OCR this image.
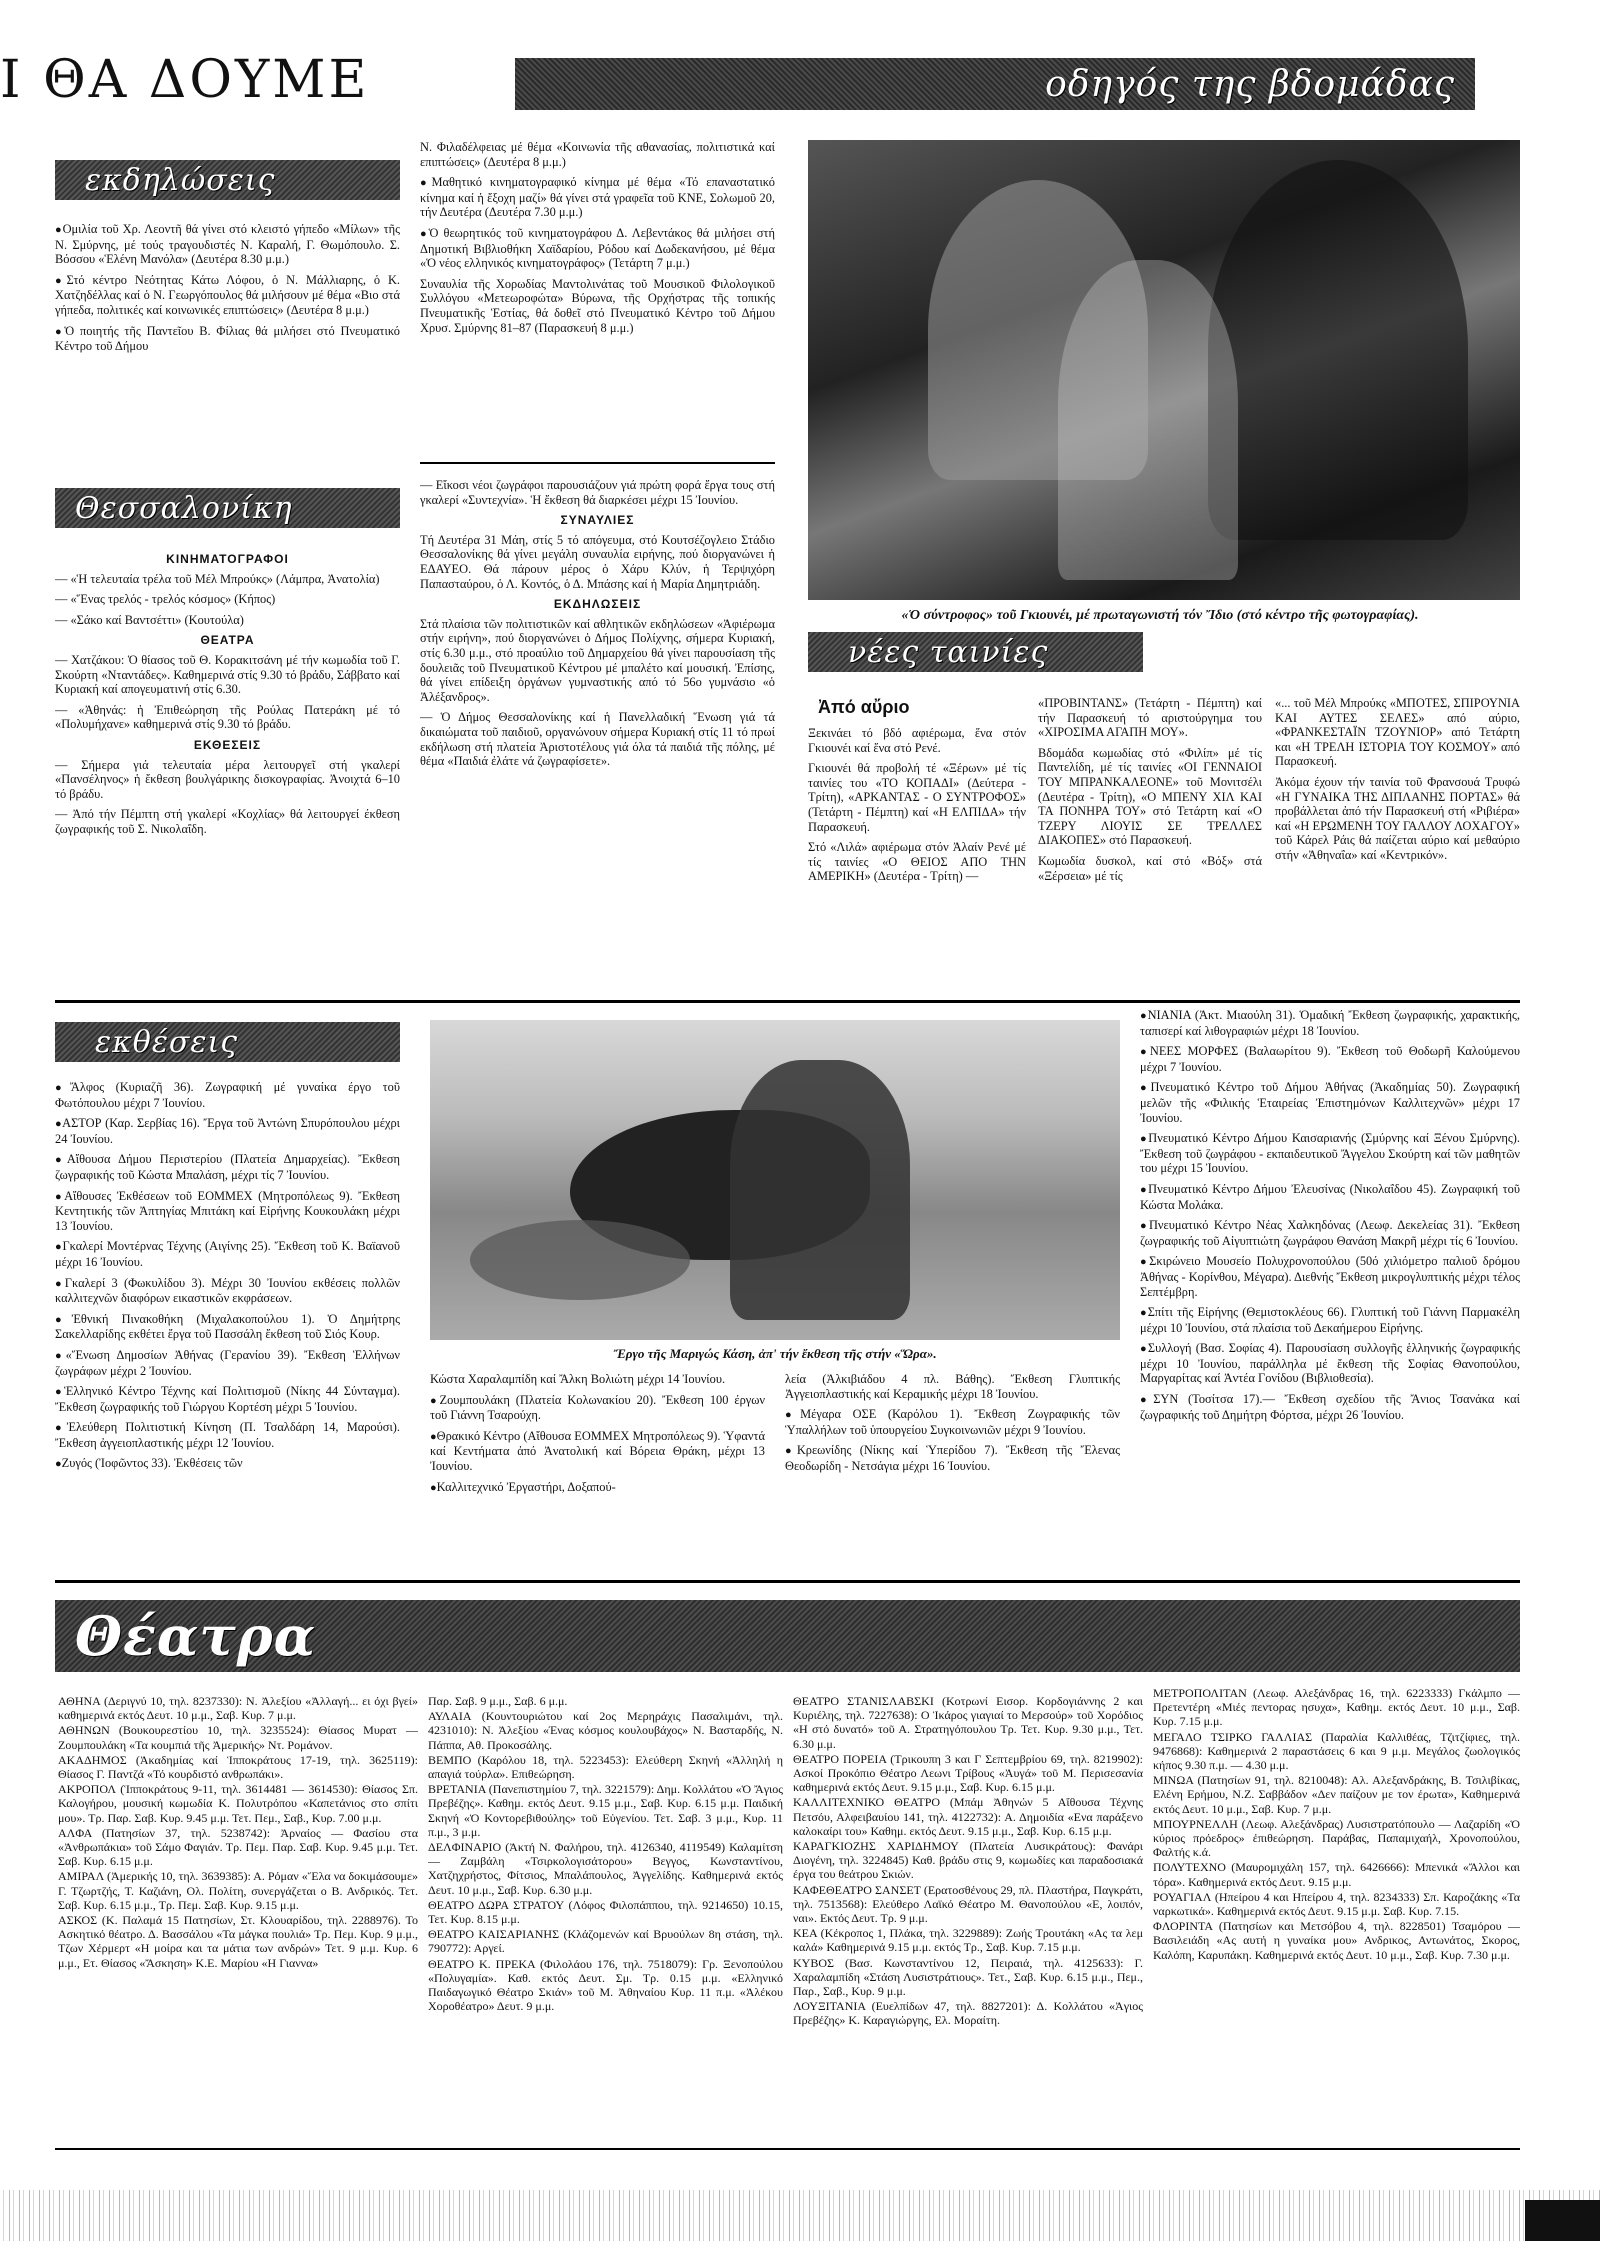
Ι ΘΑ ΔΟΥΜΕ	οδηγός της βδομάδας
εκδηλώσεις

● Ομιλία τοῦ Χρ. Λεοντῆ θά γίνει στό κλειστό γήπεδο «Μίλων» τῆς Ν. Σμύρνης, μέ τούς τραγουδιστές Ν. Καραλή, Γ. Θωμόπουλο. Σ. Βόσσου «Ἑλένη Μανόλα» (Δευτέρα 8.30 μ.μ.)

● Στό κέντρο Νεότητας Κάτω Λόφου, ὁ Ν. Μάλλιαρης, ὁ Κ. Χατζηδέλλας καί ὁ Ν. Γεωργόπουλος θά μιλήσουν μέ θέμα «Βιο στά γήπεδα, πολιτικές καί κοινωνικές επιπτώσεις» (Δευτέρα 8 μ.μ.)

● Ὁ ποιητής τῆς Παντεῖου Β. Φίλιας θά μιλήσει στό Πνευματικό Κέντρο τοῦ Δήμου

Ν. Φιλαδέλφειας μέ θέμα «Κοινωνία τῆς αθανασίας, πολιτιστικά καί επιπτώσεις» (Δευτέρα 8 μ.μ.)

● Μαθητικό κινηματογραφικό κίνημα μέ θέμα «Τό επαναστατικό κίνημα καί ἡ ἔξοχη μαζί» θά γίνει στά γραφεῖα τοῦ ΚΝΕ, Σολωμοῦ 20, τήν Δευτέρα (Δευτέρα 7.30 μ.μ.)

● Ὁ θεωρητικός τοῦ κινηματογράφου Δ. Λεβεντάκος θά μιλήσει στή Δημοτική Βιβλιοθήκη Χαϊδαρίου, Ρόδου καί Δωδεκανήσου, μέ θέμα «Ὁ νέος ελληνικός κινηματογράφος» (Τετάρτη 7 μ.μ.)

Συναυλία τῆς Χορωδίας Μαντολινάτας τοῦ Μουσικοῦ Φιλολογικοῦ Συλλόγου «Μετεωροφώτα» Βύρωνα, τῆς Ορχήστρας τῆς τοπικής Πνευματικῆς Ἑστίας, θά δοθεῖ στό Πνευματικό Κέντρο τοῦ Δήμου Χρυσ. Σμύρνης 81–87 (Παρασκευή 8 μ.μ.)

«Ὁ σύντροφος» τοῦ Γκιουνέι, μέ πρωταγωνιστή τόν Ἴδιο (στό κέντρο τῆς φωτογραφίας).
Θεσσαλονίκη
ΚΙΝΗΜΑΤΟΓΡΑΦΟΙ

— «Ἡ τελευταία τρέλα τοῦ Μέλ Μπρούκς» (Λάμπρα, Ἀνατολία)

— «Ἕνας τρελός - τρελός κόσμος» (Κήπος)

— «Σάκο καί Βαντσέττι» (Κουτούλα)

ΘΕΑΤΡΑ

— Χατζάκου: Ὁ θίασος τοῦ Θ. Κορακιτσάνη μέ τήν κωμωδία τοῦ Γ. Σκούρτη «Νταντάδες». Καθημερινά στίς 9.30 τό βράδυ, Σάββατο καί Κυριακή καί απογευματινή στίς 6.30.

— «Ἀθηνάς: ἡ Ἐπιθεώρηση τῆς Ρούλας Πατεράκη μέ τό «Πολυμήχανε» καθημερινά στίς 9.30 τό βράδυ.

ΕΚΘΕΣΕΙΣ

— Σήμερα γιά τελευταία μέρα λειτουργεῖ στή γκαλερί «Πανσέληνος» ἡ ἔκθεση βουλγάρικης δισκογραφίας. Ἀνοιχτά 6–10 τό βράδυ.

— Ἀπό τήν Πέμπτη στή γκαλερί «Κοχλίας» θά λειτουργεί έκθεση ζωγραφικής τοῦ Σ. Νικολαΐδη.

— Εἴκοσι νέοι ζωγράφοι παρουσιάζουν γιά πρώτη φορά ἔργα τους στή γκαλερί «Συντεχνία». Ἡ ἔκθεση θά διαρκέσει μέχρι 15 Ἰουνίου.

ΣΥΝΑΥΛΙΕΣ

Τή Δευτέρα 31 Μάη, στίς 5 τό απόγευμα, στό Κουτσέζογλειο Στάδιο Θεσσαλονίκης θά γίνει μεγάλη συναυλία ειρήνης, πού διοργανώνει ἡ ΕΔΑΥΕΟ. Θά πάρουν μέρος ὁ Χάρυ Κλύν, ἡ Τερψιχόρη Παπασταύρου, ὁ Λ. Κοντός, ὁ Δ. Μπάσης καί ἡ Μαρία Δημητριάδη.

ΕΚΔΗΛΩΣΕΙΣ

Στά πλαίσια τῶν πολιτιστικῶν καί αθλητικῶν εκδηλώσεων «Ἀφιέρωμα στήν ειρήνη», πού διοργανώνει ὁ Δήμος Πολίχνης, σήμερα Κυριακή, στίς 6.30 μ.μ., στό προαύλιο τοῦ Δημαρχείου θά γίνει παρουσίαση τῆς δουλειᾶς τοῦ Πνευματικοῦ Κέντρου μέ μπαλέτο καί μουσική. Ἐπίσης, θά γίνει επίδειξη ὀργάνων γυμναστικής από τό 56ο γυμνάσιο «ὁ Ἀλέξανδρος».

— Ὁ Δήμος Θεσσαλονίκης καί ἡ Πανελλαδική Ἕνωση γιά τά δικαιώματα τοῦ παιδιοῦ, οργανώνουν σήμερα Κυριακή στίς 11 τό πρωί εκδήλωση στή πλατεία Ἀριστοτέλους γιά όλα τά παιδιά τῆς πόλης, μέ θέμα «Παιδιά ἐλάτε νά ζωγραφίσετε».

νέες ταινίες
Ἀπό αὔριο

Ξεκινάει τό βδό αφιέρωμα, ἕνα στόν Γκιουνέι καί ἕνα στό Ρενέ.

Γκιουνέι θά προβολή τέ «Ξέρων» μέ τίς ταινίες του «ΤΟ ΚΟΠΑΔΙ» (Δεύτερα - Τρίτη), «ΑΡΚΑΝΤΑΣ - Ο ΣΥΝΤΡΟΦΟΣ» (Τετάρτη - Πέμπτη) καί «Η ΕΛΠΙΔΑ» τήν Παρασκευή.

Στό «Λιλά» αφιέρωμα στόν Ἀλαίν Ρενέ μέ τίς ταινίες «Ο ΘΕΙΟΣ ΑΠΟ ΤΗΝ ΑΜΕΡΙΚΗ» (Δευτέρα - Τρίτη) —

«ΠΡΟΒΙΝΤΑΝΣ» (Τετάρτη - Πέμπτη) καί τήν Παρασκευή τό αριστούργημα του «ΧΙΡΟΣΙΜΑ ΑΓΑΠΗ ΜΟΥ».

Βδομάδα κωμωδίας στό «Φιλίπ» μέ τίς Παντελίδη, μέ τίς ταινίες «ΟΙ ΓΕΝΝΑΙΟΙ ΤΟΥ ΜΠΡΑΝΚΑΛΕΟΝΕ» τοῦ Μονιτσέλι (Δευτέρα - Τρίτη), «Ο ΜΠΕΝΥ ΧΙΛ ΚΑΙ ΤΑ ΠΟΝΗΡΑ ΤΟΥ» στό Τετάρτη καί «Ο ΤΖΕΡΥ ΛΙΟΥΙΣ ΣΕ ΤΡΕΛΛΕΣ ΔΙΑΚΟΠΕΣ» στό Παρασκευή.

Κωμωδία δυσκολ, καί στό «Βόξ» στά «Ξέρσεια» μέ τίς

«... τοῦ Μέλ Μπρούκς «ΜΠΟΤΕΣ, ΣΠΙΡΟΥΝΙΑ ΚΑΙ ΑΥΤΕΣ ΣΕΛΕΣ» από αύριο, «ΦΡΑΝΚΕΣΤΑΪΝ ΤΖΟΥΝΙΟΡ» από Τετάρτη και «Η ΤΡΕΛΗ ΙΣΤΟΡΙΑ ΤΟΥ ΚΟΣΜΟΥ» από Παρασκευή.

Ἀκόμα έχουν τήν ταινία τοῦ Φρανσουά Τρυφώ «Η ΓΥΝΑΙΚΑ ΤΗΣ ΔΙΠΛΑΝΗΣ ΠΟΡΤΑΣ» θά προβάλλεται ἀπό τήν Παρασκευή στή «Ριβιέρα» καί «Η ΕΡΩΜΕΝΗ ΤΟΥ ΓΑΛΛΟΥ ΛΟΧΑΓΟΥ» τοῦ Κάρελ Ράις θά παίζεται αύριο καί μεθαύριο στήν «Ἀθηναΐα» καί «Κεντρικόν».

εκθέσεις

● Ἄλφος (Κυριαζῆ 36). Ζωγραφική μέ γυναίκα έργο τοῦ Φωτόπουλου μέχρι 7 Ἰουνίου.

● ΑΣΤΟΡ (Καρ. Σερβίας 16). Ἔργα τοῦ Ἀντώνη Σπυρόπουλου μέχρι 24 Ἰουνίου.

● Αἴθουσα Δήμου Περιστερίου (Πλατεία Δημαρχείας). Ἔκθεση ζωγραφικής τοῦ Κώστα Μπαλάση, μέχρι τίς 7 Ἰουνίου.

● Αἴθουσες Ἐκθέσεων τοῦ ΕΟΜΜΕΧ (Μητροπόλεως 9). Ἔκθεση Κεντητικής τῶν Ἀπτηγίας Μπιτάκη καί Εἰρήνης Κουκουλάκη μέχρι 13 Ἰουνίου.

● Γκαλερί Μοντέρνας Τέχνης (Αιγίνης 25). Ἔκθεση τοῦ Κ. Βαϊανοῦ μέχρι 16 Ἰουνίου.

● Γκαλερί 3 (Φωκυλίδου 3). Μέχρι 30 Ἰουνίου εκθέσεις πολλῶν καλλιτεχνῶν διαφόρων εικαστικῶν εκφράσεων.

● Ἐθνική Πινακοθήκη (Μιχαλακοπούλου 1). Ὁ Δημήτρης Σακελλαρίδης εκθέτει ἔργα τοῦ Πασσάλη ἔκθεση τοῦ Σιός Κουρ.

● «Ἕνωση Δημοσίων Ἀθήνας (Γερανίου 39). Ἔκθεση Ἑλλήνων ζωγράφων μέχρι 2 Ἰουνίου.

● Ἑλληνικό Κέντρο Τέχνης καί Πολιτισμοῦ (Νίκης 44 Σύνταγμα). Ἔκθεση ζωγραφικής τοῦ Γιώργου Κορτέση μέχρι 5 Ἰουνίου.

● Ἐλεύθερη Πολιτιστική Κίνηση (Π. Τσαλδάρη 14, Μαρούσι). Ἔκθεση ἀγγειοπλαστικής μέχρι 12 Ἰουνίου.

● Ζυγός (Ἰοφῶντος 33). Ἐκθέσεις τῶν

Ἔργο τῆς Μαριγώς Κάση, ἀπ' τήν ἔκθεση τῆς στήν «Ὥρα».

Κώστα Χαραλαμπίδη καί Ἄλκη Βολιώτη μέχρι 14 Ἰουνίου.

● Ζουμπουλάκη (Πλατεία Κολωνακίου 20). Ἔκθεση 100 έργων τοῦ Γιάννη Τσαρούχη.

● Θρακικό Κέντρο (Αἴθουσα ΕΟΜΜΕΧ Μητροπόλεως 9). Ὑφαντά καί Κεντήματα ἀπό Ἀνατολική καί Βόρεια Θράκη, μέχρι 13 Ἰουνίου.

● Καλλιτεχνικό Ἐργαστήρι, Δοξαπού-

λεία (Ἀλκιβιάδου 4 πλ. Βάθης). Ἔκθεση Γλυπτικής Ἀγγειοπλαστικής καί Κεραμικής μέχρι 18 Ἰουνίου.

● Μέγαρα ΟΣΕ (Καρόλου 1). Ἔκθεση Ζωγραφικής τῶν Ὑπαλλήλων τοῦ ὑπουργείου Συγκοινωνιῶν μέχρι 9 Ἰουνίου.

● Κρεωνίδης (Νίκης καί Ὑπερίδου 7). Ἔκθεση τῆς Ἔλενας Θεοδωρίδη - Νετσάγια μέχρι 16 Ἰουνίου.

● ΝΙΑΝΙΑ (Ἀκτ. Μιαούλη 31). Ὁμαδική Ἔκθεση ζωγραφικής, χαρακτικής, ταπισερί καί λιθογραφιών μέχρι 18 Ἰουνίου.

● ΝΕΕΣ ΜΟΡΦΕΣ (Βαλαωρίτου 9). Ἔκθεση τοῦ Θοδωρῆ Καλούμενου μέχρι 7 Ἰουνίου.

● Πνευματικό Κέντρο τοῦ Δήμου Ἀθήνας (Ἀκαδημίας 50). Ζωγραφική μελῶν τῆς «Φιλικής Ἑταιρείας Ἐπιστημόνων Καλλιτεχνῶν» μέχρι 17 Ἰουνίου.

● Πνευματικό Κέντρο Δήμου Καισαριανής (Σμύρνης καί Ξένου Σμύρνης). Ἔκθεση τοῦ ζωγράφου - εκπαιδευτικοῦ Ἄγγελου Σκούρτη καί τῶν μαθητῶν του μέχρι 15 Ἰουνίου.

● Πνευματικό Κέντρο Δήμου Ἐλευσίνας (Νικολαΐδου 45). Ζωγραφική τοῦ Κώστα Μολάκα.

● Πνευματικό Κέντρο Νέας Χαλκηδόνας (Λεωφ. Δεκελείας 31). Ἔκθεση ζωγραφικής τοῦ Αἰγυπτιώτη ζωγράφου Θανάση Μακρῆ μέχρι τίς 6 Ἰουνίου.

● Σκιρώνειο Μουσείο Πολυχρονοπούλου (50ό χιλιόμετρο παλιοῦ δρόμου Ἀθήνας - Κορίνθου, Μέγαρα). Διεθνής Ἔκθεση μικρογλυπτικής μέχρι τέλος Σεπτέμβρη.

● Σπίτι τῆς Εἰρήνης (Θεμιστοκλέους 66). Γλυπτική τοῦ Γιάννη Παρμακέλη μέχρι 10 Ἰουνίου, στά πλαίσια τοῦ Δεκαήμερου Εἰρήνης.

● Συλλογή (Βασ. Σοφίας 4). Παρουσίαση συλλογῆς ἑλληνικής ζωγραφικής μέχρι 10 Ἰουνίου, παράλληλα μέ ἔκθεση τῆς Σοφίας Θανοπούλου, Μαργαρίτας καί Ἀντέα Γονίδου (Βιβλιοθεσία).

● ΣΥΝ (Τοσίτσα 17).— Ἔκθεση σχεδίου τῆς Ἄνιος Τσανάκα καί ζωγραφικής τοῦ Δημήτρη Φόρτσα, μέχρι 26 Ἰουνίου.

Θέατρα

ΑΘΗΝΑ (Δεριγνύ 10, τηλ. 8237330): Ν. Ἀλεξίου «Ἀλλαγή... ει όχι βγεί» καθημερινά εκτός Δευτ. 10 μ.μ., Σαβ. Κυρ. 7 μ.μ.

ΑΘΗΝΩΝ (Βουκουρεστίου 10, τηλ. 3235524): Θίασος Μυρατ — Ζουμπουλάκη «Τα κουμπιά τῆς Ἀμερικής» Ντ. Ρομάνον.

ΑΚΑΔΗΜΟΣ (Ἀκαδημίας καί Ἱπποκράτους 17-19, τηλ. 3625119): Θίασος Γ. Παντζά «Τό κουρδιστό ανθρωπάκι».

ΑΚΡΟΠΟΛ (Ἱπποκράτους 9-11, τηλ. 3614481 — 3614530): Θίασος Σπ. Καλογήρου, μουσική κωμωδία Κ. Πολυτρόπου «Καπετάνιος στο σπίτι μου». Τρ. Παρ. Σαβ. Κυρ. 9.45 μ.μ. Τετ. Πεμ., Σαβ., Κυρ. 7.00 μ.μ.

ΑΛΦΑ (Πατησίων 37, τηλ. 5238742): Ἀρναίος — Φασίου στα «Ἀνθρωπάκια» τοῦ Σάμο Φαγιάν. Τρ. Πεμ. Παρ. Σαβ. Κυρ. 9.45 μ.μ. Τετ. Σαβ. Κυρ. 6.15 μ.μ.

ΑΜΙΡΑΛ (Ἀμερικής 10, τηλ. 3639385): Α. Ρόμαν «Ἕλα να δοκιμάσουμε» Γ. Τζωρτζής, Τ. Καζιάνη, Ολ. Πολίτη, συνεργάζεται ο Β. Ανδρικός. Τετ. Σαβ. Κυρ. 6.15 μ.μ., Τρ. Πεμ. Σαβ. Κυρ. 9.15 μ.μ.

ΑΣΚΟΣ (Κ. Παλαμά 15 Πατησίων, Στ. Κλουαρίδου, τηλ. 2288976). Το Ασκητικό θέατρο. Δ. Βασσάλου «Τα μάγκα πουλιά» Τρ. Πεμ. Κυρ. 9 μ.μ., Τζων Χέρμερτ «Η μοίρα και τα μάτια των ανδρών» Τετ. 9 μ.μ. Κυρ. 6 μ.μ., Ετ. Θίασος «Ἄσκηση» Κ.Ε. Μαρίου «Η Γιαννα»

Παρ. Σαβ. 9 μ.μ., Σαβ. 6 μ.μ.

ΑΥΛΑΙΑ (Κουντουριώτου καί 2ος Μερηράχις Πασαλιμάνι, τηλ. 4231010): Ν. Ἀλεξίου «Ένας κόσμος κουλουβάχος» Ν. Βασταρδής, Ν. Πάππα, Αθ. Προκοσάλης.

ΒΕΜΠΟ (Καρόλου 18, τηλ. 5223453): Ελεύθερη Σκηνή «Ἀλληλή η απαγιά τούρλα». Επιθεώρηση.

ΒΡΕΤΑΝΙΑ (Πανεπιστημίου 7, τηλ. 3221579): Δημ. Κολλάτου «Ὁ Ἄγιος Πρεβέζης». Καθημ. εκτός Δευτ. 9.15 μ.μ., Σαβ. Κυρ. 6.15 μ.μ. Παιδική Σκηνή «Ὁ Κοντορεβιθούλης» τοῦ Εὐγενίου. Τετ. Σαβ. 3 μ.μ., Κυρ. 11 π.μ., 3 μ.μ.

ΔΕΛΦΙΝΑΡΙΟ (Ἀκτή Ν. Φαλήρου, τηλ. 4126340, 4119549) Καλαμίτση — Ζαμβάλη «Τσιρκολογισάτορου» Βεγγος, Κωνσταντίνου, Χατζηχρήστος, Φίτσιος, Μπαλάπουλος, Ἀγγελίδης. Καθημερινά εκτός Δευτ. 10 μ.μ., Σαβ. Κυρ. 6.30 μ.μ.

ΘΕΑΤΡΟ ΔΩΡΑ ΣΤΡΑΤΟΥ (Λόφος Φιλοπάππου, τηλ. 9214650) 10.15, Τετ. Κυρ. 8.15 μ.μ.

ΘΕΑΤΡΟ ΚΑΙΣΑΡΙΑΝΗΣ (Κλάζομενών καί Βρυούλων 8η στάση, τηλ. 790772): Αργεί.

ΘΕΑΤΡΟ Κ. ΠΡΕΚΑ (Φιλολάου 176, τηλ. 7518079): Γρ. Ξενοπούλου «Πολυγαμία». Καθ. εκτός Δευτ. Σμ. Τρ. 0.15 μ.μ. «Ελληνικό Παιδαγωγικό Θέατρο Σκιάν» τοῦ Μ. Ἀθηναίου Κυρ. 11 π.μ. «Ἀλέκου Χοροθέατρο» Δευτ. 9 μ.μ.

ΘΕΑΤΡΟ ΣΤΑΝΙΣΛΑΒΣΚΙ (Κοτρωνί Εισορ. Κορδογιάννης 2 και Κυριέλης, τηλ. 7227638): Ο Ἰκάρος γιαγιαί το Μερσούρ» τοῦ Χορόδιος «Η στό δυνατό» τοῦ Α. Στρατηγόπουλου Τρ. Τετ. Κυρ. 9.30 μ.μ., Τετ. 6.30 μ.μ.

ΘΕΑΤΡΟ ΠΟΡΕΙΑ (Τρικουπη 3 και Γ Σεπτεμβρίου 69, τηλ. 8219902): Ασκοί Προκόπιο Θέατρο Λεωνι Τρίβους «Ἀυγά» τοῦ Μ. Περισεσανία καθημερινά εκτός Δευτ. 9.15 μ.μ., Σαβ. Κυρ. 6.15 μ.μ.

ΚΑΛΛΙΤΕΧΝΙΚΟ ΘΕΑΤΡΟ (Μπάμ Ἀθηνών 5 Αἴθουσα Τέχνης Πετσόυ, Αλφειβαυίου 141, τηλ. 4122732): Α. Δημοιδία «Ενα παράξενο καλοκαίρι του» Καθημ. εκτός Δευτ. 9.15 μ.μ., Σαβ. Κυρ. 6.15 μ.μ.

ΚΑΡΑΓΚΙΟΖΗΣ ΧΑΡΙΔΗΜΟΥ (Πλατεία Λυσικράτους): Φανάρι Διογένη, τηλ. 3224845) Καθ. βράδυ στις 9, κωμωδίες και παραδοσιακά έργα του θεάτρου Σκιών.

ΚΑΦΕΘΕΑΤΡΟ ΣΑΝΣΕΤ (Ερατοσθένους 29, πλ. Πλαστήρα, Παγκράτι, τηλ. 7513568): Ελεύθερο Λαϊκό Θέατρο Μ. Θανοπούλου «Ε, λοιπόν, ναι». Εκτός Δευτ. Τρ. 9 μ.μ.

ΚΕΑ (Κέκροπος 1, Πλάκα, τηλ. 3229889): Ζωής Τρουτάκη «Ας τα λεμ καλά» Καθημερινά 9.15 μ.μ. εκτός Τρ., Σαβ. Κυρ. 7.15 μ.μ.

ΚΥΒΟΣ (Βασ. Κωνσταντίνου 12, Πειραιά, τηλ. 4125633): Γ. Χαραλαμπίδη «Στάση Λυσιστράτιους». Τετ., Σαβ. Κυρ. 6.15 μ.μ., Πεμ., Παρ., Σαβ., Κυρ. 9 μ.μ.

ΛΟΥΞΙΤΑΝΙΑ (Ευελπίδων 47, τηλ. 8827201): Δ. Κολλάτου «Ἀγιος Πρεβέζης» Κ. Καραγιώργης, Ελ. Μοραίτη.

ΜΕΤΡΟΠΟΛΙΤΑΝ (Λεωφ. Αλεξάνδρας 16, τηλ. 6223333) Γκάλμπο — Πρετεντέρη «Μιές πεντορας ησυχα», Καθημ. εκτός Δευτ. 10 μ.μ., Σαβ. Κυρ. 7.15 μ.μ.

ΜΕΓΑΛΟ ΤΣΙΡΚΟ ΓΑΛΛΙΑΣ (Παραλία Καλλιθέας, Τζιτζίφιες, τηλ. 9476868): Καθημερινά 2 παραστάσεις 6 και 9 μ.μ. Μεγάλος ζωολογικός κήπος 9.30 π.μ. — 4.30 μ.μ.

ΜΙΝΩΑ (Πατησίων 91, τηλ. 8210048): Αλ. Αλεξανδράκης, Β. Τσιλιβίκας, Ελένη Ερήμου, Ν.Ζ. Σαββάδον «Δεν παίζουν με τον έρωτα», Καθημερινά εκτός Δευτ. 10 μ.μ., Σαβ. Κυρ. 7 μ.μ.

ΜΠΟΥΡΝΕΛΛΗ (Λεωφ. Αλεξάνδρας) Λυσιστρατόπουλο — Λαζαρίδη «Ὁ κύριος πρόεδρος» ἐπιθεώρηση. Παράβας, Παπαμιχαήλ, Χρονοπούλου, Φαλτής κ.ά.

ΠΟΛΥΤΕΧΝΟ (Μαυρομιχάλη 157, τηλ. 6426666): Μπενικά «Ἄλλοι και τόρα». Καθημερινά εκτός Δευτ. 9.15 μ.μ.

ΡΟΥΑΓΙΑΛ (Ηπείρου 4 και Ηπείρου 4, τηλ. 8234333) Σπ. Καροζάκης «Τα ναρκωτικά». Καθημερινά εκτός Δευτ. 9.15 μ.μ. Σαβ. Κυρ. 7.15.

ΦΛΟΡΙΝΤΑ (Πατησίων και Μετσόβου 4, τηλ. 8228501) Τσαμόρου — Βασιλειάδη «Ας αυτή η γυναίκα μου» Ανδρικος, Αντωνάτος, Σκορος, Καλόπη, Καρυπάκη. Καθημερινά εκτός Δευτ. 10 μ.μ., Σαβ. Κυρ. 7.30 μ.μ.
